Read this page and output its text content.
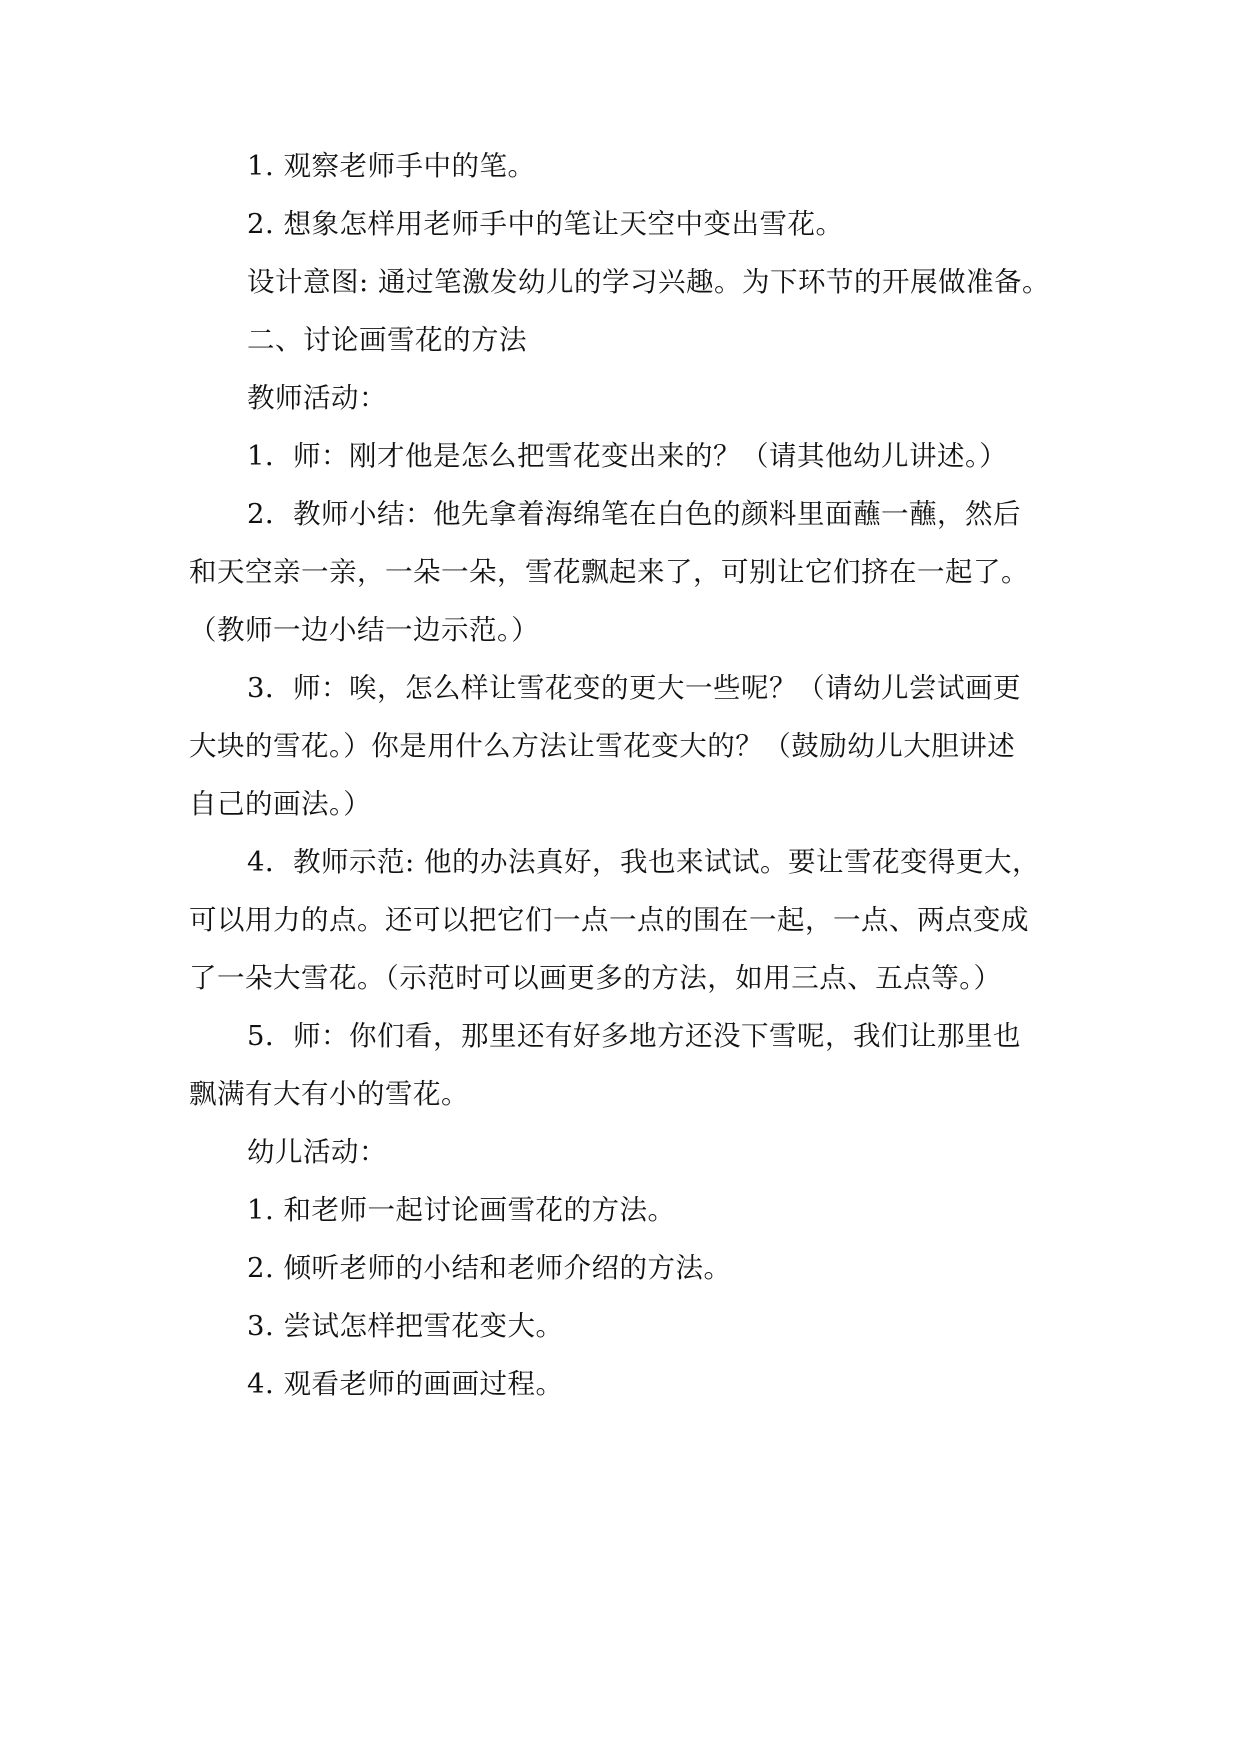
1. 观察老师手中的笔。
2. 想象怎样用老师手中的笔让天空中变出雪花。
设计意图: 通过笔激发幼儿的学习兴趣。为下环节的开展做准备。
二、讨论画雪花的方法
教师活动：
1．师：刚才他是怎么把雪花变出来的？（请其他幼儿讲述。）
2．教师小结：他先拿着海绵笔在白色的颜料里面蘸一蘸，然后
和天空亲一亲，一朵一朵，雪花飘起来了，可别让它们挤在一起了。
（教师一边小结一边示范。）
3．师：唉，怎么样让雪花变的更大一些呢？（请幼儿尝试画更
大块的雪花。）你是用什么方法让雪花变大的？（鼓励幼儿大胆讲述
自己的画法。）
4．教师示范: 他的办法真好，我也来试试。要让雪花变得更大，
可以用力的点。还可以把它们一点一点的围在一起，一点、两点变成
了一朵大雪花。（示范时可以画更多的方法，如用三点、五点等。）
5．师：你们看，那里还有好多地方还没下雪呢，我们让那里也
飘满有大有小的雪花。
幼儿活动：
1. 和老师一起讨论画雪花的方法。
2. 倾听老师的小结和老师介绍的方法。
3. 尝试怎样把雪花变大。
4. 观看老师的画画过程。
